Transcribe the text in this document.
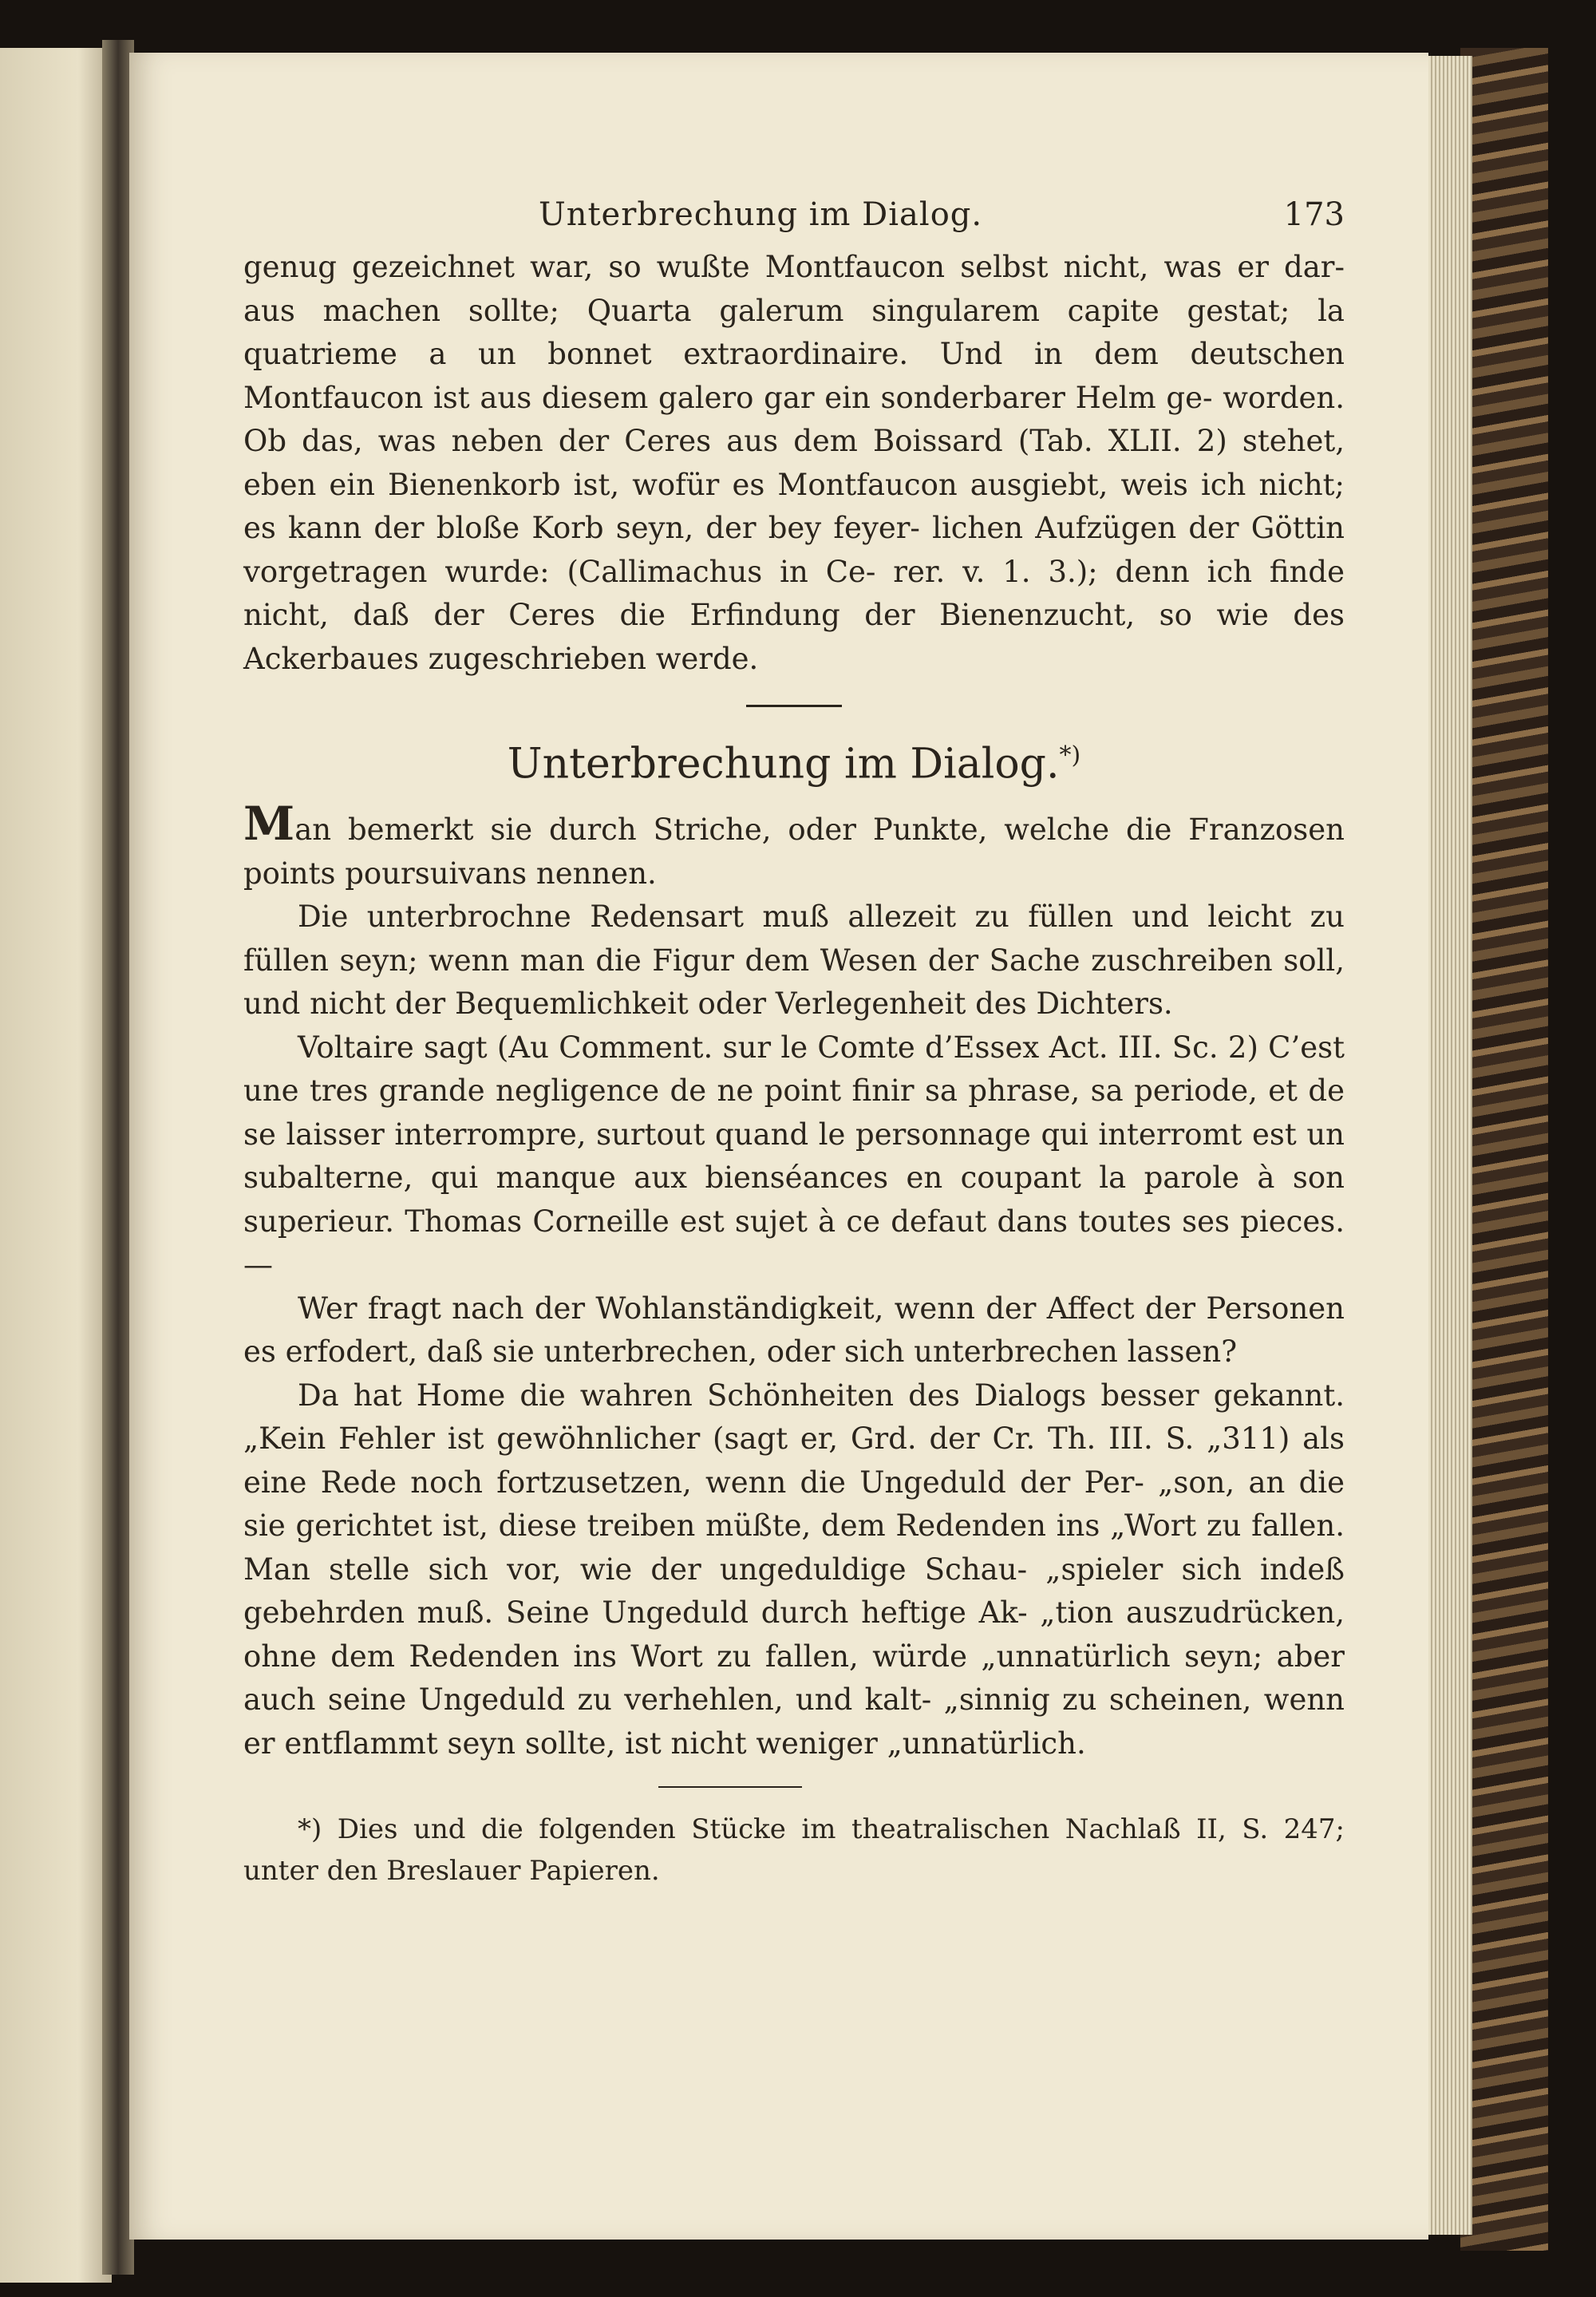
Unterbrechung im Dialog.	173

genug gezeichnet war, so wußte Montfaucon selbst nicht, was er dar- aus machen sollte; Quarta galerum singularem capite gestat; la quatrieme a un bonnet extraordinaire. Und in dem deutschen Montfaucon ist aus diesem galero gar ein sonderbarer Helm ge- worden. Ob das, was neben der Ceres aus dem Boissard (Tab. XLII. 2) stehet, eben ein Bienenkorb ist, wofür es Montfaucon ausgiebt, weis ich nicht; es kann der bloße Korb seyn, der bey feyer- lichen Aufzügen der Göttin vorgetragen wurde: (Callimachus in Ce- rer. v. 1. 3.); denn ich finde nicht, daß der Ceres die Erfindung der Bienenzucht, so wie des Ackerbaues zugeschrieben werde.

Unterbrechung im Dialog.*)

Man bemerkt sie durch Striche, oder Punkte, welche die Franzosen points poursuivans nennen.

Die unterbrochne Redensart muß allezeit zu füllen und leicht zu füllen seyn; wenn man die Figur dem Wesen der Sache zuschreiben soll, und nicht der Bequemlichkeit oder Verlegenheit des Dichters.

Voltaire sagt (Au Comment. sur le Comte d’Essex Act. III. Sc. 2) C’est une tres grande negligence de ne point finir sa phrase, sa periode, et de se laisser interrompre, surtout quand le personnage qui interromt est un subalterne, qui manque aux bienséances en coupant la parole à son superieur. Thomas Corneille est sujet à ce defaut dans toutes ses pieces. —

Wer fragt nach der Wohlanständigkeit, wenn der Affect der Personen es erfodert, daß sie unterbrechen, oder sich unterbrechen lassen?

Da hat Home die wahren Schönheiten des Dialogs besser gekannt. „Kein Fehler ist gewöhnlicher (sagt er, Grd. der Cr. Th. III. S. „311) als eine Rede noch fortzusetzen, wenn die Ungeduld der Per- „son, an die sie gerichtet ist, diese treiben müßte, dem Redenden ins „Wort zu fallen. Man stelle sich vor, wie der ungeduldige Schau- „spieler sich indeß gebehrden muß. Seine Ungeduld durch heftige Ak- „tion auszudrücken, ohne dem Redenden ins Wort zu fallen, würde „unnatürlich seyn; aber auch seine Ungeduld zu verhehlen, und kalt- „sinnig zu scheinen, wenn er entflammt seyn sollte, ist nicht weniger „unnatürlich.

*) Dies und die folgenden Stücke im theatralischen Nachlaß II, S. 247; unter den Breslauer Papieren.
